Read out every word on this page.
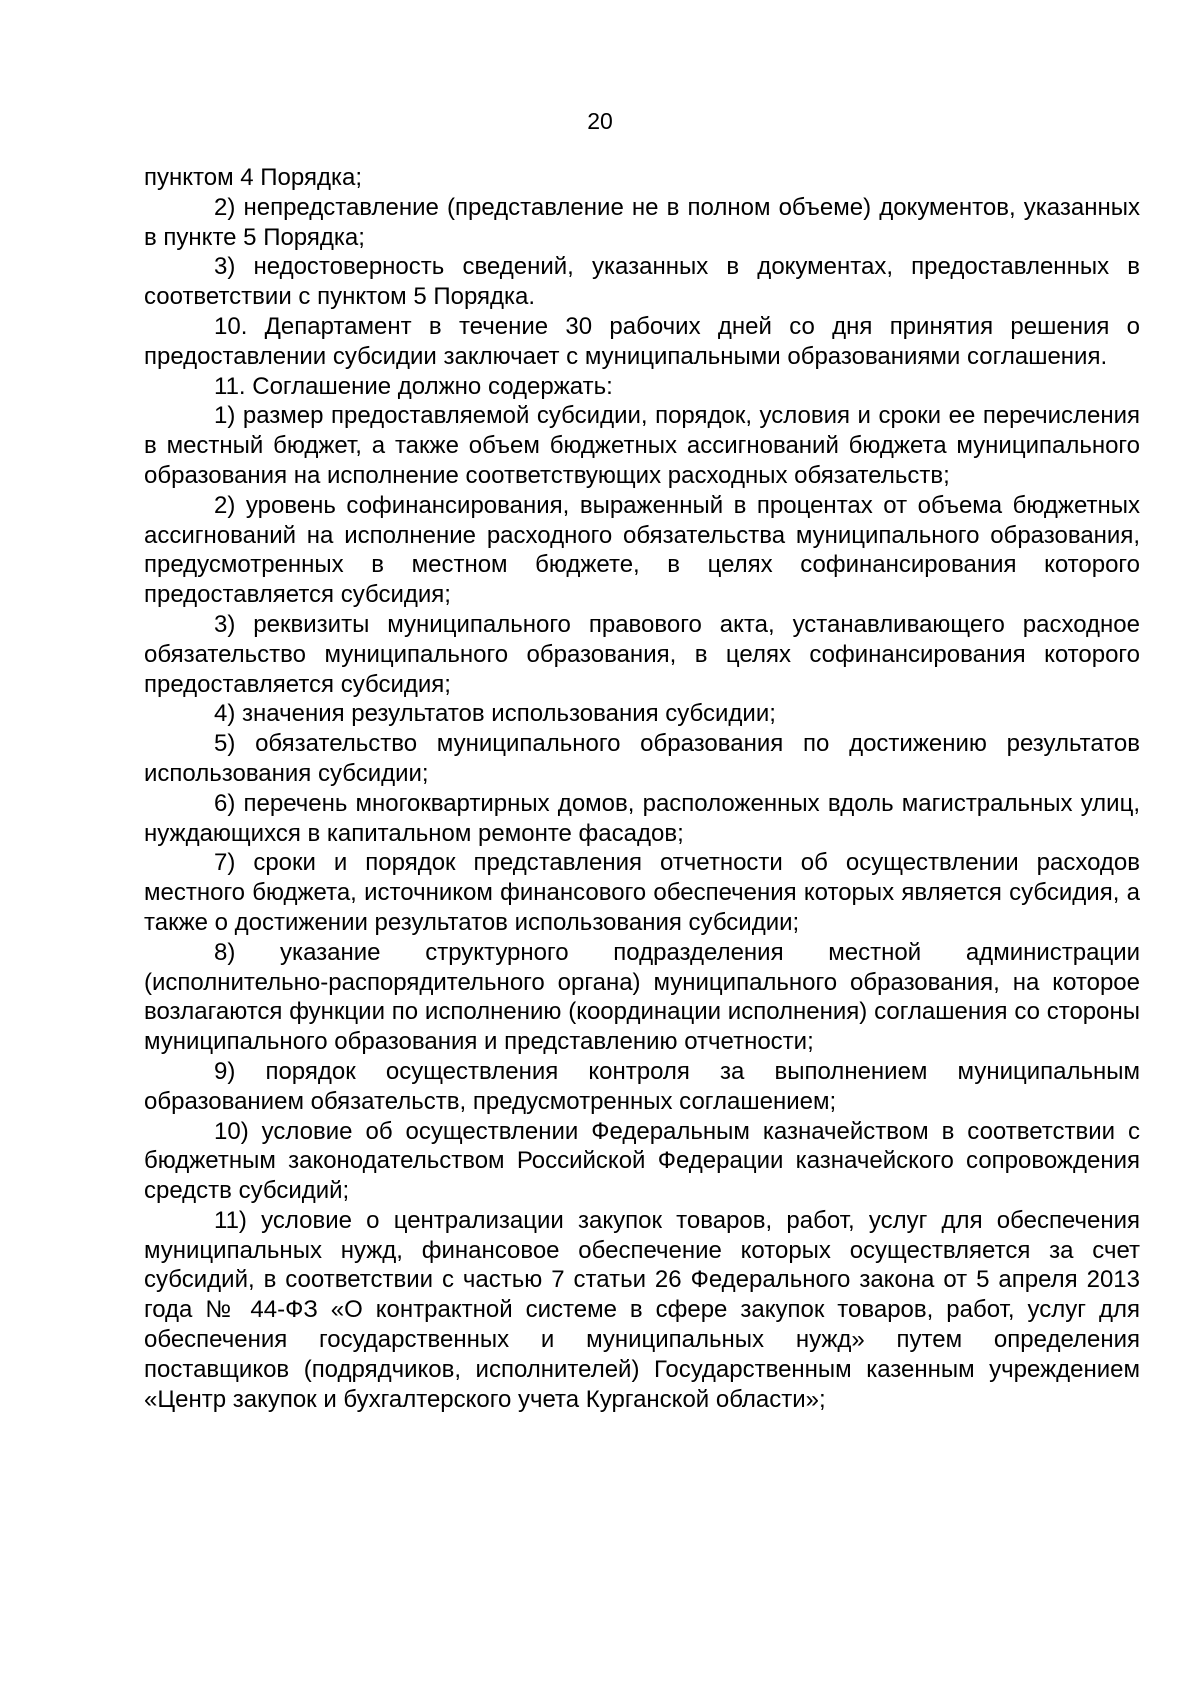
20

пунктом 4 Порядка;

2) непредставление (представление не в полном объеме) документов, указанных в пункте 5 Порядка;

3) недостоверность сведений, указанных в документах, предоставленных в соответствии с пунктом 5 Порядка.

10. Департамент в течение 30 рабочих дней со дня принятия решения о предоставлении субсидии заключает с муниципальными образованиями соглашения.

11. Соглашение должно содержать:

1) размер предоставляемой субсидии, порядок, условия и сроки ее перечисления в местный бюджет, а также объем бюджетных ассигнований бюджета муниципального образования на исполнение соответствующих расходных обязательств;

2) уровень софинансирования, выраженный в процентах от объема бюджетных ассигнований на исполнение расходного обязательства муниципального образования, предусмотренных в местном бюджете, в целях софинансирования которого предоставляется субсидия;

3) реквизиты муниципального правового акта, устанавливающего расходное обязательство муниципального образования, в целях софинансирования которого предоставляется субсидия;

4) значения результатов использования субсидии;

5) обязательство муниципального образования по достижению результатов использования субсидии;

6) перечень многоквартирных домов, расположенных вдоль магистральных улиц, нуждающихся в капитальном ремонте фасадов;

7) сроки и порядок представления отчетности об осуществлении расходов местного бюджета, источником финансового обеспечения которых является субсидия, а также о достижении результатов использования субсидии;

8) указание структурного подразделения местной администрации (исполнительно-распорядительного органа) муниципального образования, на которое возлагаются функции по исполнению (координации исполнения) соглашения со стороны муниципального образования и представлению отчетности;

9) порядок осуществления контроля за выполнением муниципальным образованием обязательств, предусмотренных соглашением;

10) условие об осуществлении Федеральным казначейством в соответствии с бюджетным законодательством Российской Федерации казначейского сопровождения средств субсидий;

11) условие о централизации закупок товаров, работ, услуг для обеспечения муниципальных нужд, финансовое обеспечение которых осуществляется за счет субсидий, в соответствии с частью 7 статьи 26 Федерального закона от 5 апреля 2013 года № 44-ФЗ «О контрактной системе в сфере закупок товаров, работ, услуг для обеспечения государственных и муниципальных нужд» путем определения поставщиков (подрядчиков, исполнителей) Государственным казенным учреждением «Центр закупок и бухгалтерского учета Курганской области»;
